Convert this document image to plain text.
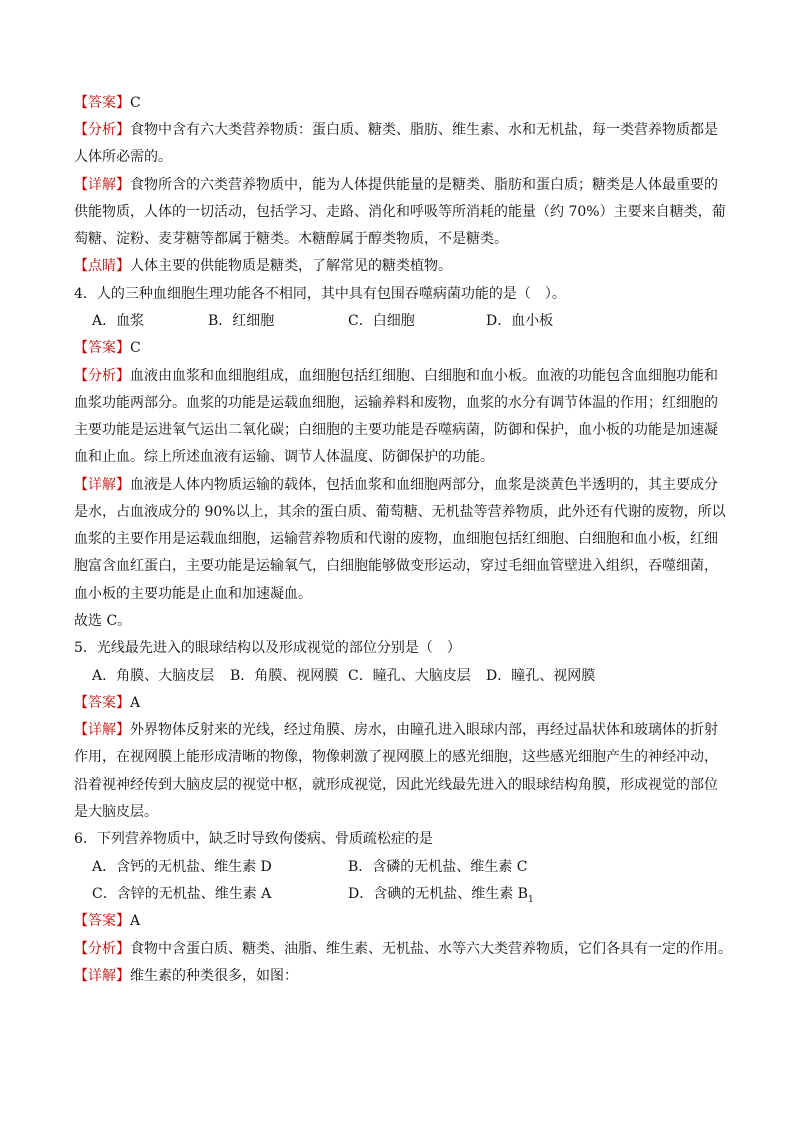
【答案】C
【分析】食物中含有六大类营养物质：蛋白质、糖类、脂肪、维生素、水和无机盐，每一类营养物质都是
人体所必需的。
【详解】食物所含的六类营养物质中，能为人体提供能量的是糖类、脂肪和蛋白质；糖类是人体最重要的
供能物质，人体的一切活动，包括学习、走路、消化和呼吸等所消耗的能量（约 70%）主要来自糖类，葡
萄糖、淀粉、麦芽糖等都属于糖类。木糖醇属于醇类物质，不是糖类。
【点睛】人体主要的供能物质是糖类，了解常见的糖类植物。
4．人的三种血细胞生理功能各不相同，其中具有包围吞噬病菌功能的是（　）。
A．血浆	B．红细胞	C．白细胞	D．血小板
【答案】C
【分析】血液由血浆和血细胞组成，血细胞包括红细胞、白细胞和血小板。血液的功能包含血细胞功能和
血浆功能两部分。血浆的功能是运载血细胞，运输养料和废物，血浆的水分有调节体温的作用；红细胞的
主要功能是运进氧气运出二氧化碳；白细胞的主要功能是吞噬病菌，防御和保护，血小板的功能是加速凝
血和止血。综上所述血液有运输、调节人体温度、防御保护的功能。
【详解】血液是人体内物质运输的载体，包括血浆和血细胞两部分，血浆是淡黄色半透明的，其主要成分
是水，占血液成分的 90%以上，其余的蛋白质、葡萄糖、无机盐等营养物质，此外还有代谢的废物，所以
血浆的主要作用是运载血细胞，运输营养物质和代谢的废物，血细胞包括红细胞、白细胞和血小板，红细
胞富含血红蛋白，主要功能是运输氧气，白细胞能够做变形运动，穿过毛细血管壁进入组织，吞噬细菌，
血小板的主要功能是止血和加速凝血。
故选 C。
5．光线最先进入的眼球结构以及形成视觉的部位分别是（　）
A．角膜、大脑皮层 B．角膜、视网膜 C．瞳孔、大脑皮层 D．瞳孔、视网膜
【答案】A
【详解】外界物体反射来的光线，经过角膜、房水，由瞳孔进入眼球内部，再经过晶状体和玻璃体的折射
作用，在视网膜上能形成清晰的物像，物像刺激了视网膜上的感光细胞，这些感光细胞产生的神经冲动，
沿着视神经传到大脑皮层的视觉中枢，就形成视觉，因此光线最先进入的眼球结构角膜，形成视觉的部位
是大脑皮层。
6．下列营养物质中，缺乏时导致佝偻病、骨质疏松症的是
A．含钙的无机盐、维生素 D	B．含磷的无机盐、维生素 C
C．含锌的无机盐、维生素 A	D．含碘的无机盐、维生素 $B_1$
【答案】A
【分析】食物中含蛋白质、糖类、油脂、维生素、无机盐、水等六大类营养物质，它们各具有一定的作用。
【详解】维生素的种类很多，如图：
